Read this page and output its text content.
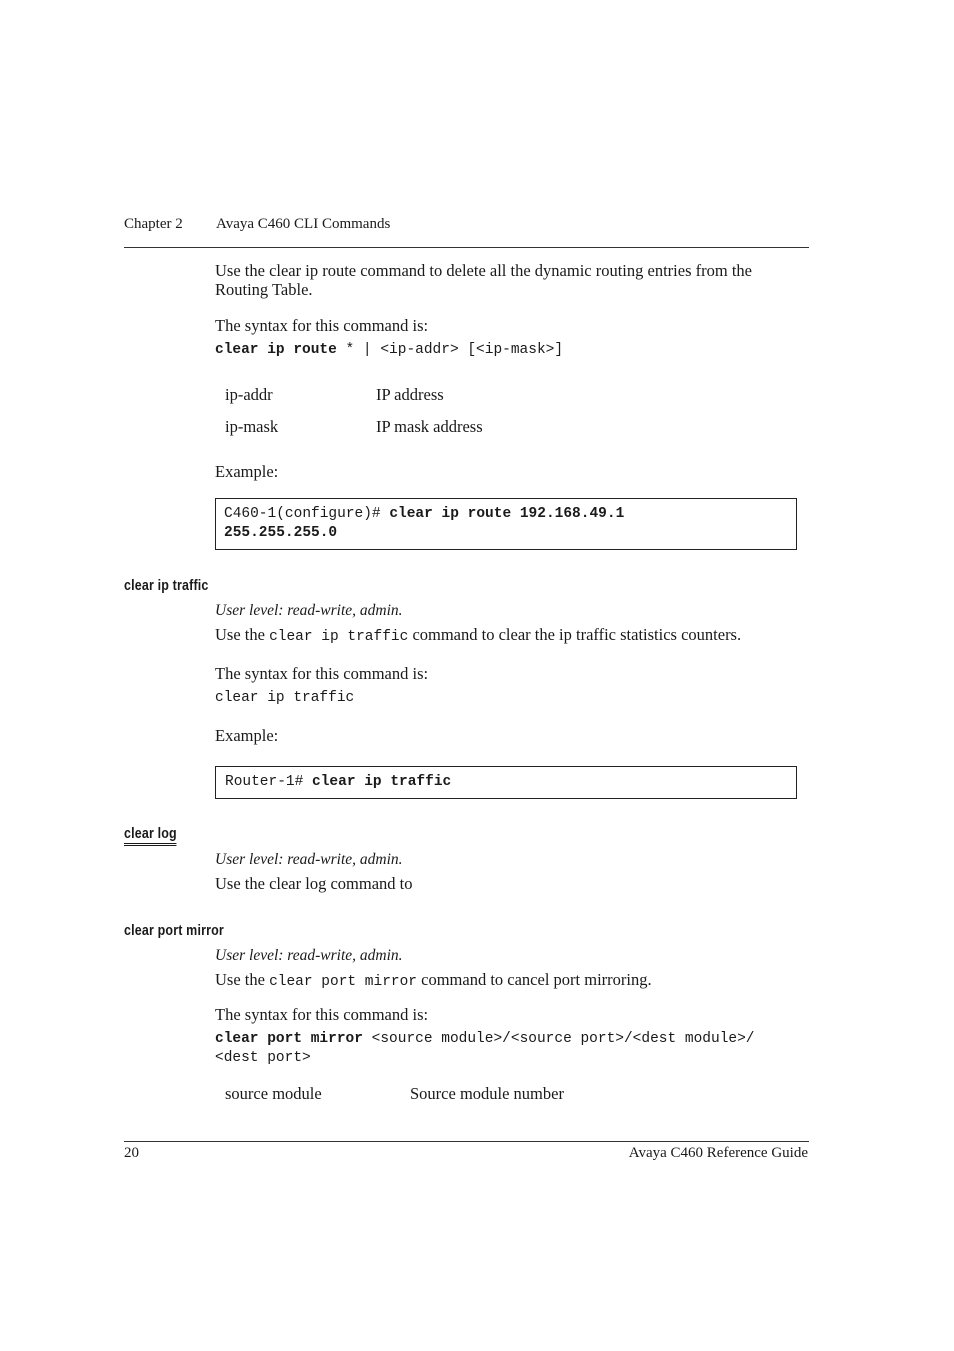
Chapter 2 Avaya C460 CLI Commands
Use the clear ip route command to delete all the dynamic routing entries from the
Routing Table.
The syntax for this command is:
clear ip route * | <ip-addr> [<ip-mask>]
ip-addr	IP address
ip-mask	IP mask address
Example:
C460-1(configure)# clear ip route 192.168.49.1
255.255.255.0
clear ip traffic
User level: read-write, admin.
Use the clear ip traffic command to clear the ip traffic statistics counters.
The syntax for this command is:
clear ip traffic
Example:
Router-1# clear ip traffic
clear log
User level: read-write, admin.
Use the clear log command to
clear port mirror
User level: read-write, admin.
Use the clear port mirror command to cancel port mirroring.
The syntax for this command is:
clear port mirror <source module>/<source port>/<dest module>/
<dest port>
source module	Source module number
20	Avaya C460 Reference Guide
